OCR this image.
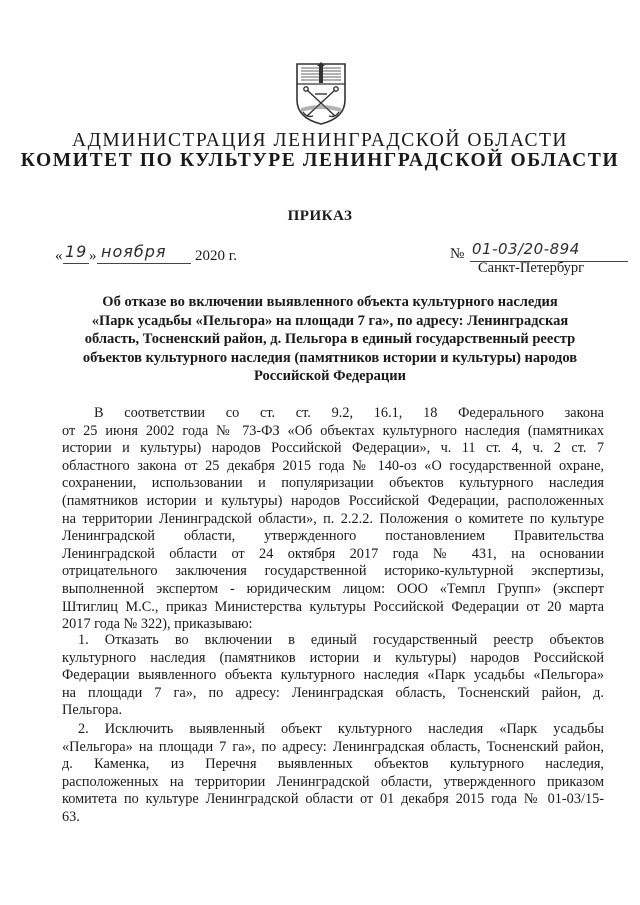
АДМИНИСТРАЦИЯ ЛЕНИНГРАДСКОЙ ОБЛАСТИ
КОМИТЕТ ПО КУЛЬТУРЕ ЛЕНИНГРАДСКОЙ ОБЛАСТИ
ПРИКАЗ
« 19 » ноября 2020 г.	№ 01-03/20-894
Санкт-Петербург
Об отказе во включении выявленного объекта культурного наследия
«Парк усадьбы «Пельгора» на площади 7 га», по адресу: Ленинградская
область, Тосненский район, д. Пельгора в единый государственный реестр
объектов культурного наследия (памятников истории и культуры) народов
Российской Федерации
В соответствии со ст. ст. 9.2, 16.1, 18 Федерального закона
от 25 июня 2002 года № 73-ФЗ «Об объектах культурного наследия (памятниках
истории и культуры) народов Российской Федерации», ч. 11 ст. 4, ч. 2 ст. 7
областного закона от 25 декабря 2015 года № 140-оз «О государственной охране,
сохранении, использовании и популяризации объектов культурного наследия
(памятников истории и культуры) народов Российской Федерации, расположенных
на территории Ленинградской области», п. 2.2.2. Положения о комитете по культуре
Ленинградской области, утвержденного постановлением Правительства
Ленинградской области от 24 октября 2017 года № 431, на основании
отрицательного заключения государственной историко-культурной экспертизы,
выполненной экспертом - юридическим лицом: ООО «Темпл Групп» (эксперт
Штиглиц М.С., приказ Министерства культуры Российской Федерации от 20 марта
2017 года № 322), приказываю:
1. Отказать во включении в единый государственный реестр объектов
культурного наследия (памятников истории и культуры) народов Российской
Федерации выявленного объекта культурного наследия «Парк усадьбы «Пельгора»
на площади 7 га», по адресу: Ленинградская область, Тосненский район, д.
Пельгора.
2. Исключить выявленный объект культурного наследия «Парк усадьбы
«Пельгора» на площади 7 га», по адресу: Ленинградская область, Тосненский район,
д. Каменка, из Перечня выявленных объектов культурного наследия,
расположенных на территории Ленинградской области, утвержденного приказом
комитета по культуре Ленинградской области от 01 декабря 2015 года № 01-03/15-
63.
